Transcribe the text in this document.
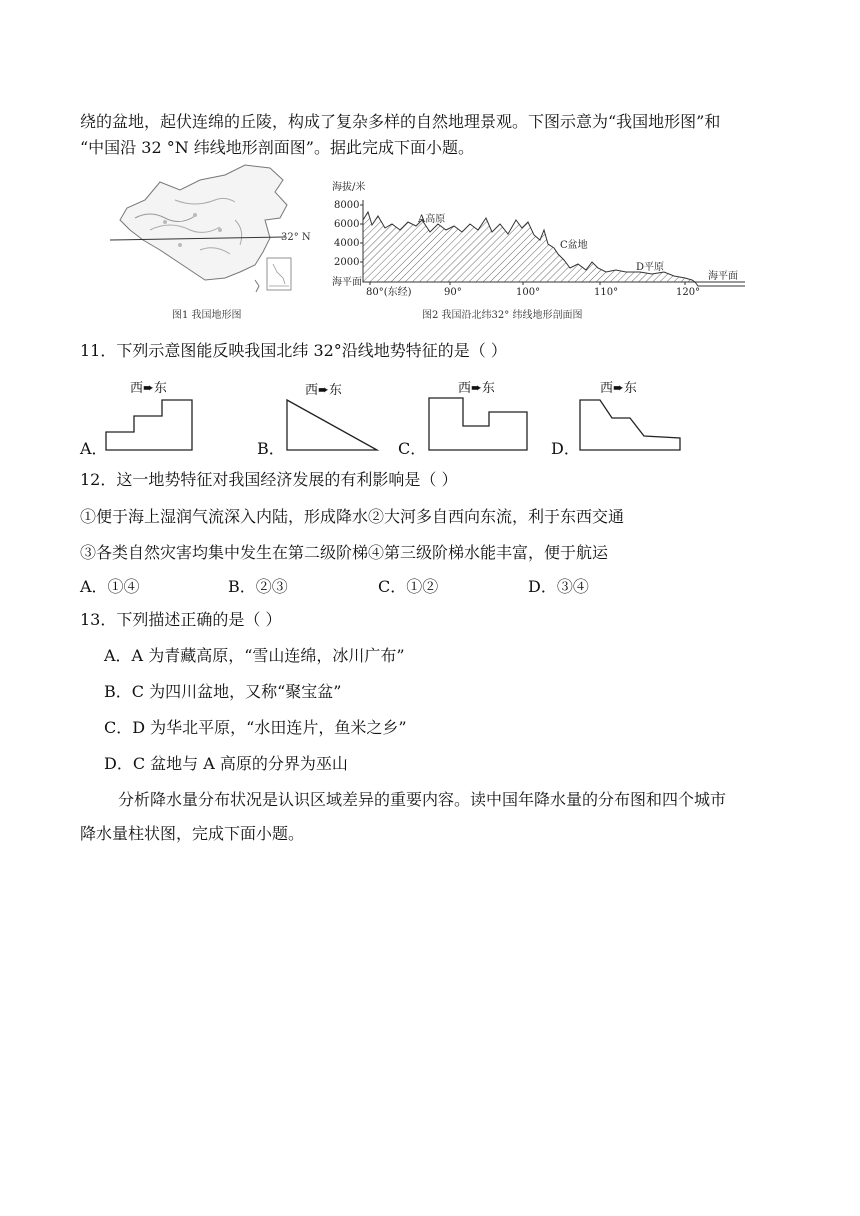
绕的盆地，起伏连绵的丘陵，构成了复杂多样的自然地理景观。下图示意为“我国地形图”和
“中国沿 32 °N 纬线地形剖面图”。据此完成下面小题。
32° N
图1 我国地形图
海拔/米
8000
6000
4000
2000
海平面
80°(东经)	90°	100°	110°	120°
A高原
C盆地
D平原
海平面
图2 我国沿北纬32° 纬线地形剖面图
11．下列示意图能反映我国北纬 32°沿线地势特征的是（ ）
西➨东	西➨东	西➨东	西➨东
A．	B．	C．	D．
12．这一地势特征对我国经济发展的有利影响是（ ）
①便于海上湿润气流深入内陆，形成降水②大河多自西向东流，利于东西交通
③各类自然灾害均集中发生在第二级阶梯④第三级阶梯水能丰富，便于航运
A．①④	B．②③	C．①②	D．③④
13．下列描述正确的是（ ）
A．A 为青藏高原，“雪山连绵，冰川广布”
B．C 为四川盆地，又称“聚宝盆”
C．D 为华北平原，“水田连片，鱼米之乡”
D．C 盆地与 A 高原的分界为巫山
分析降水量分布状况是认识区域差异的重要内容。读中国年降水量的分布图和四个城市
降水量柱状图，完成下面小题。
